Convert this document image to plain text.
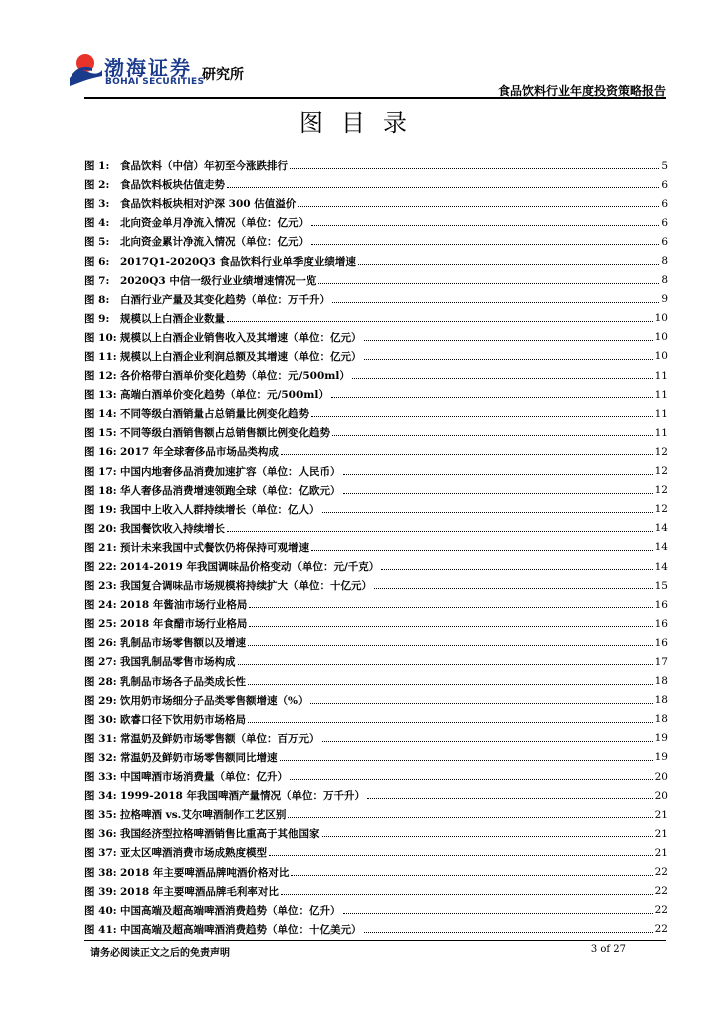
渤海证券
BOHAI SECURITIES
研究所
食品饮料行业年度投资策略报告
图目录
图 1:	食品饮料（中信）年初至今涨跌排行	5
图 2:	食品饮料板块估值走势	6
图 3:	食品饮料板块相对沪深 300 估值溢价	6
图 4:	北向资金单月净流入情况（单位：亿元）	6
图 5:	北向资金累计净流入情况（单位：亿元）	6
图 6:	2017Q1-2020Q3 食品饮料行业单季度业绩增速	8
图 7:	2020Q3 中信一级行业业绩增速情况一览	8
图 8:	白酒行业产量及其变化趋势（单位：万千升）	9
图 9:	规模以上白酒企业数量	10
图 10: 规模以上白酒企业销售收入及其增速（单位：亿元）	10
图 11: 规模以上白酒企业利润总额及其增速（单位：亿元）	10
图 12: 各价格带白酒单价变化趋势（单位：元/500ml）	11
图 13: 高端白酒单价变化趋势（单位：元/500ml）	11
图 14: 不同等级白酒销量占总销量比例变化趋势	11
图 15: 不同等级白酒销售额占总销售额比例变化趋势	11
图 16: 2017 年全球奢侈品市场品类构成	12
图 17: 中国内地奢侈品消费加速扩容（单位：人民币）	12
图 18: 华人奢侈品消费增速领跑全球（单位：亿欧元）	12
图 19: 我国中上收入人群持续增长（单位：亿人）	12
图 20: 我国餐饮收入持续增长	14
图 21: 预计未来我国中式餐饮仍将保持可观增速	14
图 22: 2014-2019 年我国调味品价格变动（单位：元/千克）	14
图 23: 我国复合调味品市场规模将持续扩大（单位：十亿元）	15
图 24: 2018 年酱油市场行业格局	16
图 25: 2018 年食醋市场行业格局	16
图 26: 乳制品市场零售额以及增速	16
图 27: 我国乳制品零售市场构成	17
图 28: 乳制品市场各子品类成长性	18
图 29: 饮用奶市场细分子品类零售额增速（%）	18
图 30: 欧睿口径下饮用奶市场格局	18
图 31: 常温奶及鲜奶市场零售额（单位：百万元）	19
图 32: 常温奶及鲜奶市场零售额同比增速	19
图 33: 中国啤酒市场消费量（单位：亿升）	20
图 34: 1999-2018 年我国啤酒产量情况（单位：万千升）	20
图 35: 拉格啤酒 vs.艾尔啤酒制作工艺区别	21
图 36: 我国经济型拉格啤酒销售比重高于其他国家	21
图 37: 亚太区啤酒消费市场成熟度模型	21
图 38: 2018 年主要啤酒品牌吨酒价格对比	22
图 39: 2018 年主要啤酒品牌毛利率对比	22
图 40: 中国高端及超高端啤酒消费趋势（单位：亿升）	22
图 41: 中国高端及超高端啤酒消费趋势（单位：十亿美元）	22
请务必阅读正文之后的免责声明	3 of 27
